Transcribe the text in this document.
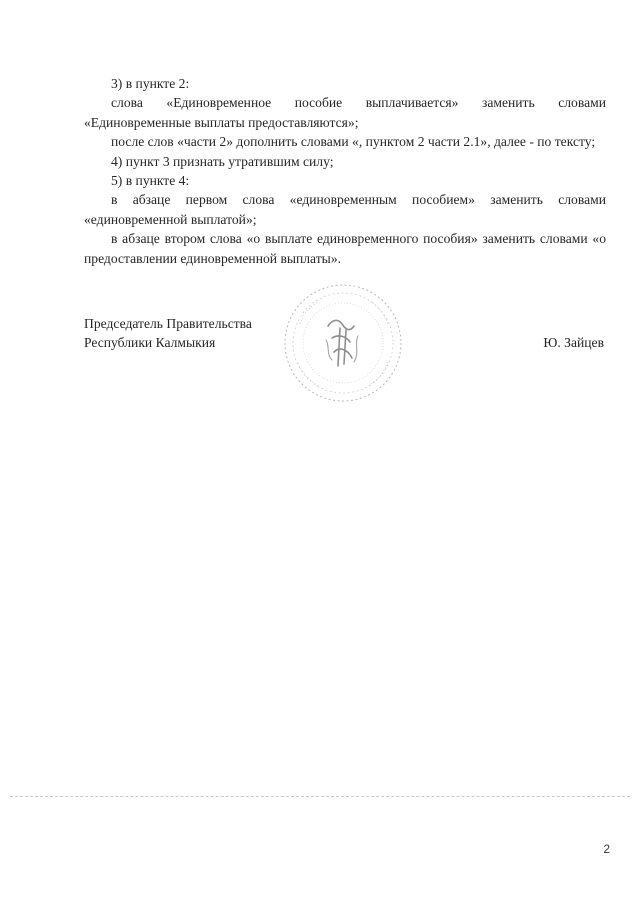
3) в пункте 2:

слова «Единовременное пособие выплачивается» заменить словами «Единовременные выплаты предоставляются»;

после слов «части 2» дополнить словами «, пунктом 2 части 2.1», далее - по тексту;

4) пункт 3 признать утратившим силу;

5) в пункте 4:

в абзаце первом слова «единовременным пособием» заменить словами «единовременной выплатой»;

в абзаце втором слова «о выплате единовременного пособия» заменить словами «о предоставлении единовременной выплаты».

Председатель Правительства
Республики Калмыкия	Ю. Зайцев
2
